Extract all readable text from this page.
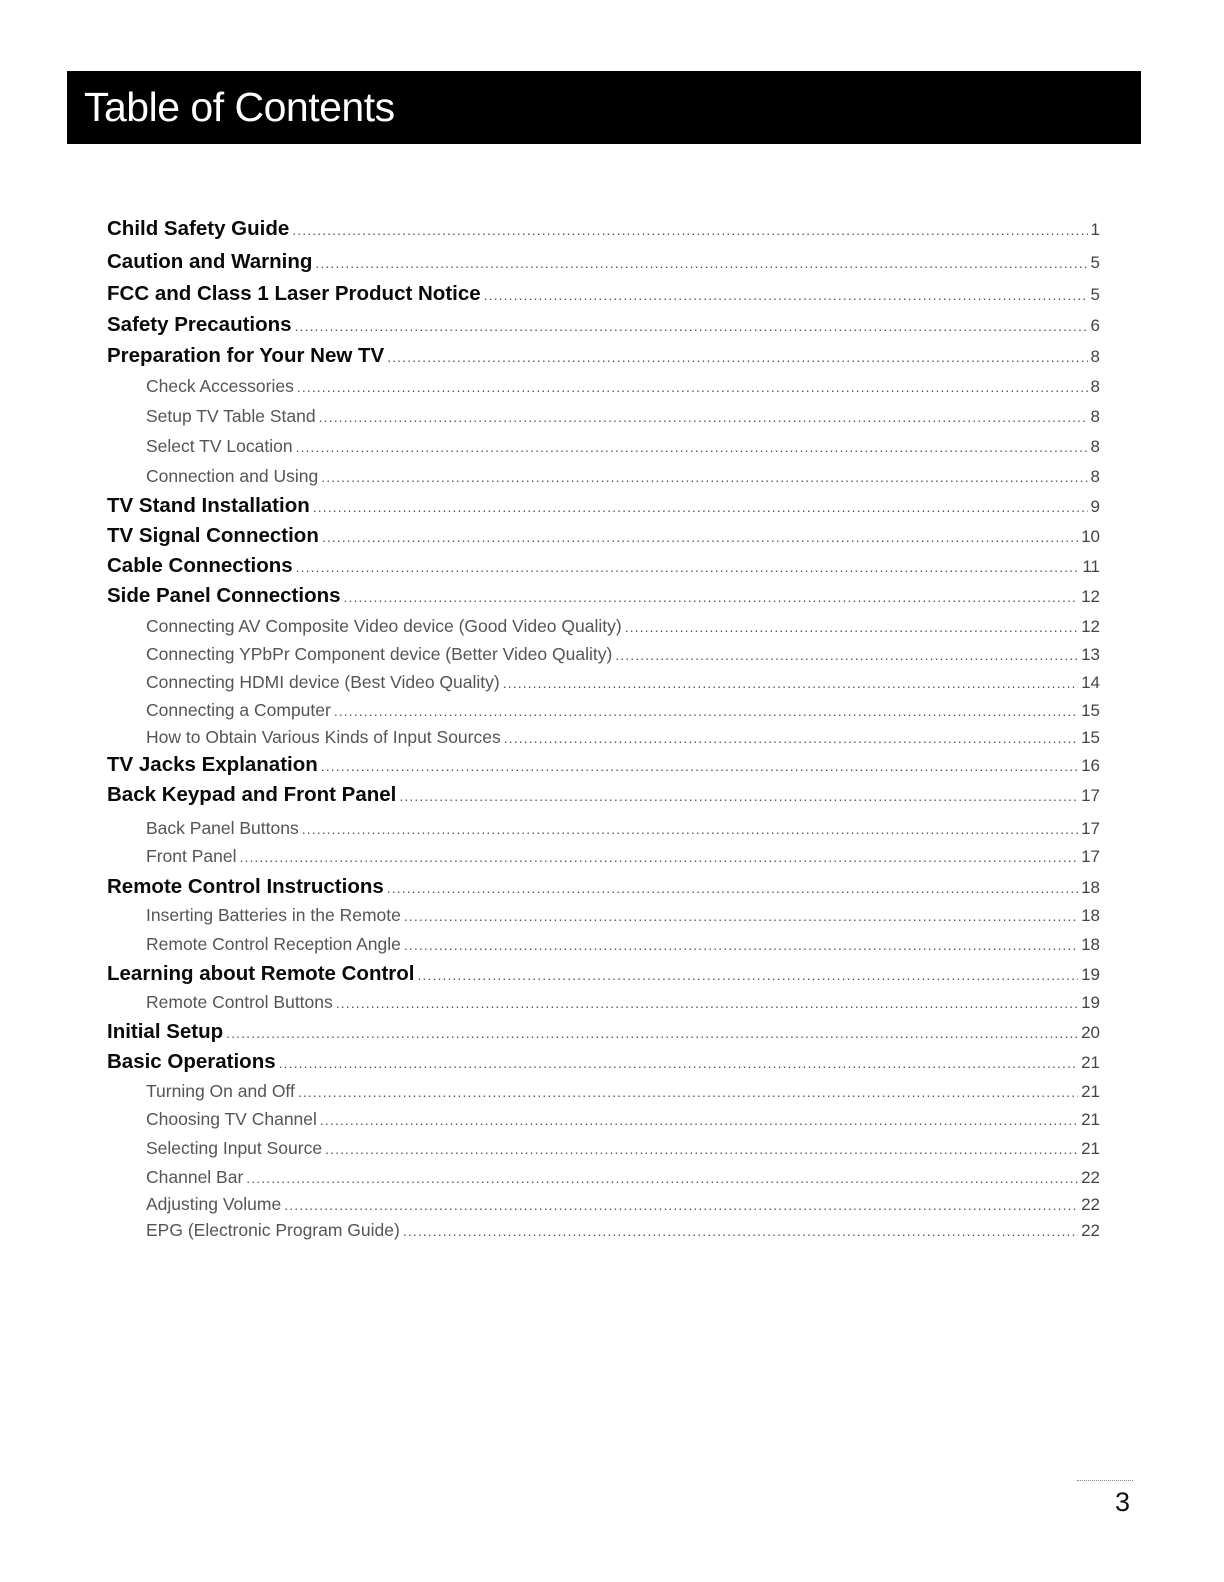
Table of Contents
Child Safety Guide .....	1
Caution and Warning .....	5
FCC and Class 1 Laser Product Notice .....	5
Safety Precautions .....	6
Preparation for Your New TV .....	8
Check Accessories .....	8
Setup TV Table Stand .....	8
Select TV Location .....	8
Connection and Using .....	8
TV Stand Installation .....	9
TV Signal Connection .....	10
Cable Connections .....	11
Side Panel Connections .....	12
Connecting AV Composite Video device (Good Video Quality) .....	12
Connecting YPbPr Component device (Better Video Quality) .....	13
Connecting HDMI device (Best Video Quality) .....	14
Connecting a Computer .....	15
How to Obtain Various Kinds of Input Sources .....	15
TV Jacks Explanation .....	16
Back Keypad and Front Panel .....	17
Back Panel Buttons .....	17
Front Panel .....	17
Remote Control Instructions .....	18
Inserting Batteries in the Remote .....	18
Remote Control Reception Angle .....	18
Learning about Remote Control .....	19
Remote Control Buttons .....	19
Initial Setup .....	20
Basic Operations .....	21
Turning On and Off .....	21
Choosing TV Channel .....	21
Selecting Input Source .....	21
Channel Bar .....	22
Adjusting Volume .....	22
EPG (Electronic Program Guide) .....	22
3
